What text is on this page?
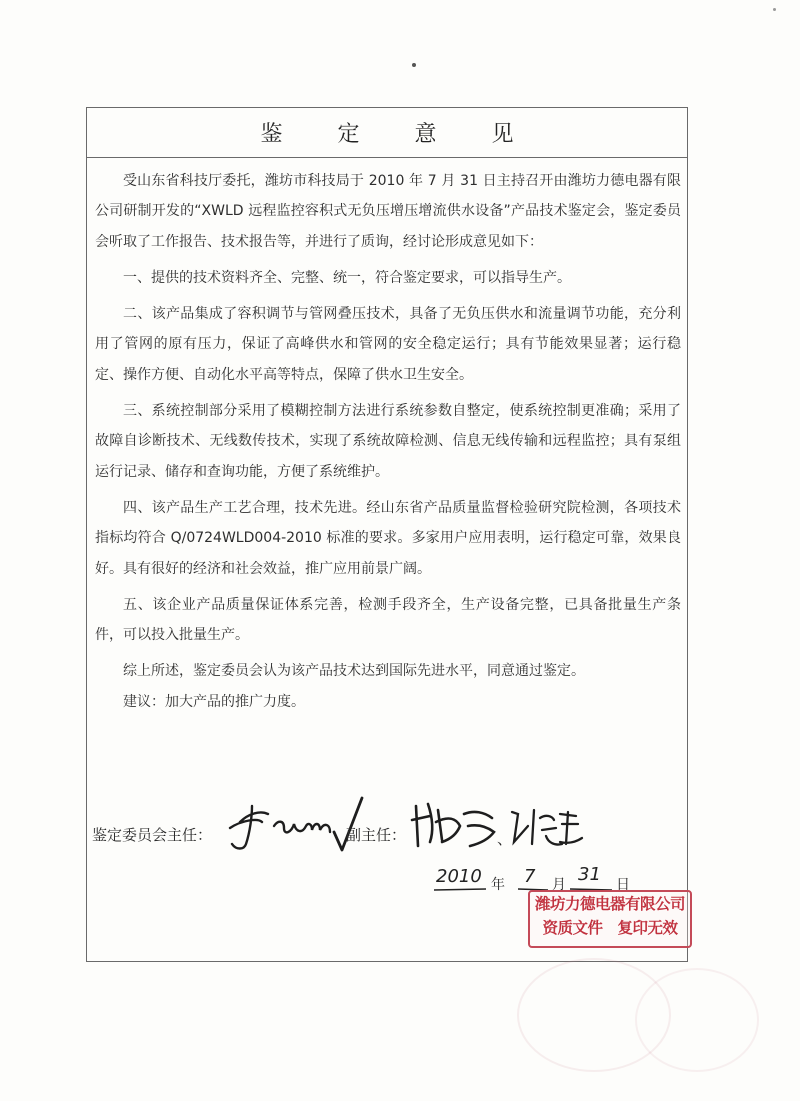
鉴 定 意 见

受山东省科技厅委托，潍坊市科技局于 2010 年 7 月 31 日主持召开由潍坊力德电器有限公司研制开发的“XWLD 远程监控容积式无负压增压增流供水设备”产品技术鉴定会，鉴定委员会听取了工作报告、技术报告等，并进行了质询，经讨论形成意见如下：

一、提供的技术资料齐全、完整、统一，符合鉴定要求，可以指导生产。

二、该产品集成了容积调节与管网叠压技术，具备了无负压供水和流量调节功能，充分利用了管网的原有压力，保证了高峰供水和管网的安全稳定运行；具有节能效果显著；运行稳定、操作方便、自动化水平高等特点，保障了供水卫生安全。

三、系统控制部分采用了模糊控制方法进行系统参数自整定，使系统控制更准确；采用了故障自诊断技术、无线数传技术，实现了系统故障检测、信息无线传输和远程监控；具有泵组运行记录、储存和查询功能，方便了系统维护。

四、该产品生产工艺合理，技术先进。经山东省产品质量监督检验研究院检测，各项技术指标均符合 Q/0724WLD004-2010 标准的要求。多家用户应用表明，运行稳定可靠，效果良好。具有很好的经济和社会效益，推广应用前景广阔。

五、该企业产品质量保证体系完善，检测手段齐全，生产设备完整，已具备批量生产条件，可以投入批量生产。

综上所述，鉴定委员会认为该产品技术达到国际先进水平，同意通过鉴定。

建议：加大产品的推广力度。

鉴定委员会主任：	副主任：	、
2010 年 7 月 31 日
潍坊力德电器有限公司
资质文件　复印无效
